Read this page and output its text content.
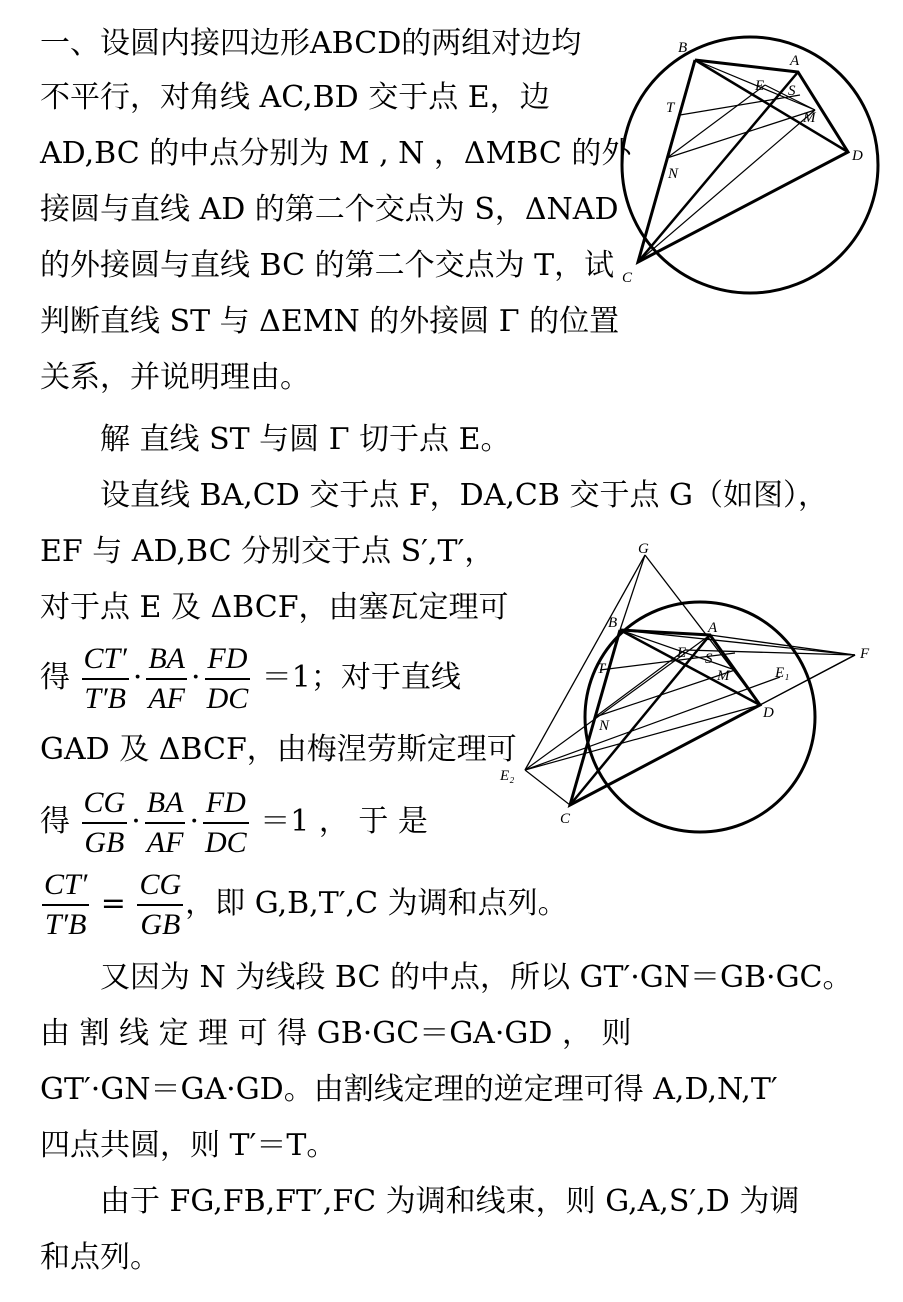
一、设圆内接四边形ABCD的两组对边均
不平行，对角线 AC,BD 交于点 E，边
AD,BC 的中点分别为 M , N ，ΔMBC 的外
接圆与直线 AD 的第二个交点为 S，ΔNAD
的外接圆与直线 BC 的第二个交点为 T，试
判断直线 ST 与 ΔEMN 的外接圆 Γ 的位置
关系，并说明理由。
B
A
E S
M
T
N
D
C
解 直线 ST 与圆 Γ 切于点 E。
设直线 BA,CD 交于点 F，DA,CB 交于点 G（如图），
EF 与 AD,BC 分别交于点 S′,T′，
对于点 E 及 ΔBCF，由塞瓦定理可
得 $\frac{CT'}{T'B} \cdot \frac{BA}{AF} \cdot \frac{FD}{DC} =1$；对于直线
GAD 及 ΔBCF，由梅涅劳斯定理可
得 $\frac{CG}{GB} \cdot \frac{BA}{AF} \cdot \frac{FD}{DC} =1$ ， 于 是
$\frac{CT'}{T'B} = \frac{CG}{GB}$ ，即 G,B,T′,C 为调和点列。
又因为 N 为线段 BC 的中点，所以 GT′·GN＝GB·GC。
由 割 线 定 理 可 得 GB·GC＝GA·GD ， 则
GT′·GN＝GA·GD。由割线定理的逆定理可得 A,D,N,T′
四点共圆，则 T′＝T。
由于 FG,FB,FT′,FC 为调和线束，则 G,A,S′,D 为调
和点列。
G
B	A
E S
M	E₁
F
T
N
D
E₂
C
